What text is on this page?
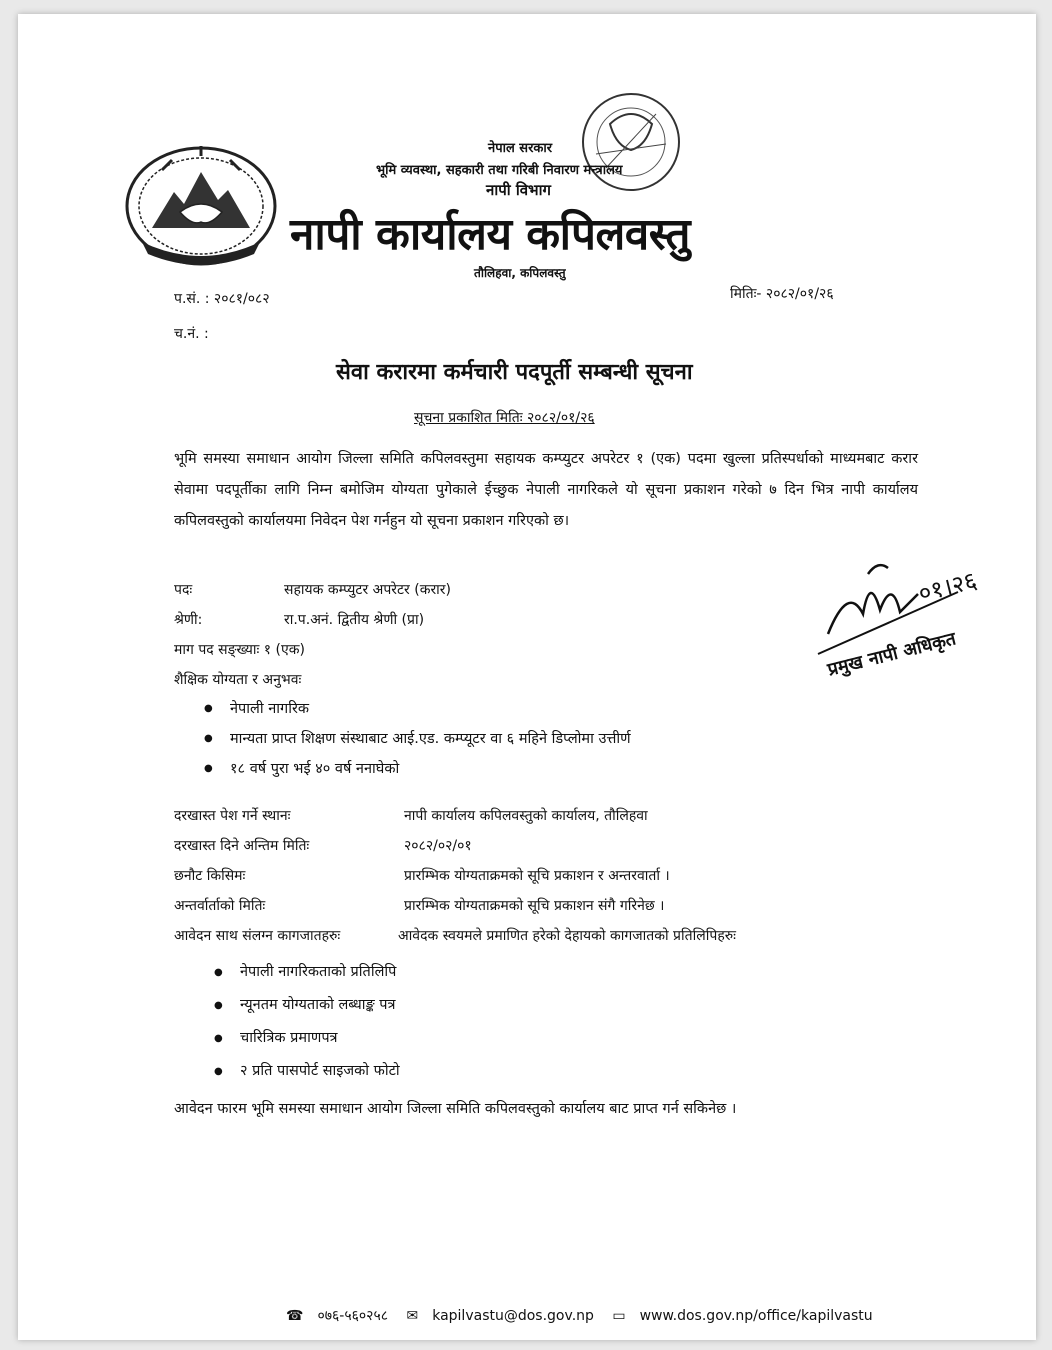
नेपाल सरकार
भूमि व्यवस्था, सहकारी तथा गरिबी निवारण मन्त्रालय
नापी विभाग
नापी कार्यालय कपिलवस्तु
तौलिहवा, कपिलवस्तु
प.सं. : २०८१/०८२	मितिः- २०८२/०१/२६
च.नं. :
सेवा करारमा कर्मचारी पदपूर्ती सम्बन्धी सूचना
सूचना प्रकाशित मितिः २०८२/०१/२६
भूमि समस्या समाधान आयोग जिल्ला समिति कपिलवस्तुमा सहायक कम्प्युटर अपरेटर १ (एक) पदमा खुल्ला प्रतिस्पर्धाको माध्यमबाट करार सेवामा पदपूर्तीका लागि निम्न बमोजिम योग्यता पुगेकाले ईच्छुक नेपाली नागरिकले यो सूचना प्रकाशन गरेको ७ दिन भित्र नापी कार्यालय कपिलवस्तुको कार्यालयमा निवेदन पेश गर्नहुन यो सूचना प्रकाशन गरिएको छ।
पदः	सहायक कम्प्युटर अपरेटर (करार)
श्रेणी:	रा.प.अनं. द्वितीय श्रेणी (प्रा)
माग पद सङ्ख्याः १ (एक)
शैक्षिक योग्यता र अनुभवः
● नेपाली नागरिक
● मान्यता प्राप्त शिक्षण संस्थाबाट आई.एड. कम्प्यूटर वा ६ महिने डिप्लोमा उत्तीर्ण
● १८ वर्ष पुरा भई ४० वर्ष ननाघेको
०१।२६
प्रमुख नापी अधिकृत
दरखास्त पेश गर्ने स्थानः	नापी कार्यालय कपिलवस्तुको कार्यालय, तौलिहवा
दरखास्त दिने अन्तिम मितिः	२०८२/०२/०१
छनौट किसिमः	प्रारम्भिक योग्यताक्रमको सूचि प्रकाशन र अन्तरवार्ता ।
अन्तर्वार्ताको मितिः	प्रारम्भिक योग्यताक्रमको सूचि प्रकाशन संगै गरिनेछ ।
आवेदन साथ संलग्न कागजातहरुः	आवेदक स्वयमले प्रमाणित हरेको देहायको कागजातको प्रतिलिपिहरुः
● नेपाली नागरिकताको प्रतिलिपि
● न्यूनतम योग्यताको लब्धाङ्क पत्र
● चारित्रिक प्रमाणपत्र
● २ प्रति पासपोर्ट साइजको फोटो
आवेदन फारम भूमि समस्या समाधान आयोग जिल्ला समिति कपिलवस्तुको कार्यालय बाट प्राप्त गर्न सकिनेछ ।
☎ ०७६-५६०२५८ ✉ kapilvastu@dos.gov.np ▭ www.dos.gov.np/office/kapilvastu
